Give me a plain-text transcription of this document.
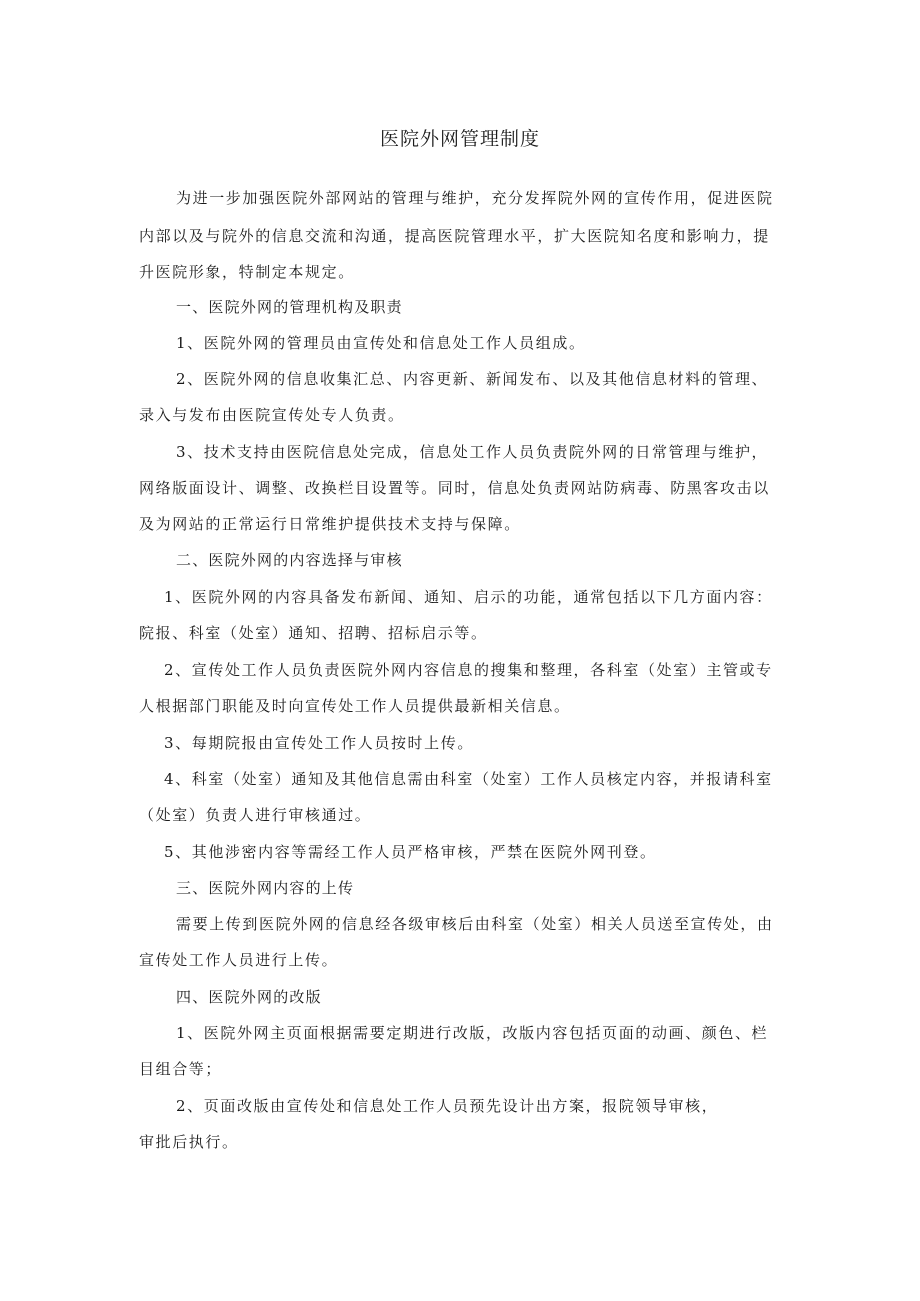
医院外网管理制度

为进一步加强医院外部网站的管理与维护，充分发挥院外网的宣传作用，促进医院

内部以及与院外的信息交流和沟通，提高医院管理水平，扩大医院知名度和影响力，提

升医院形象，特制定本规定。

一、医院外网的管理机构及职责

1、医院外网的管理员由宣传处和信息处工作人员组成。

2、医院外网的信息收集汇总、内容更新、新闻发布、以及其他信息材料的管理、

录入与发布由医院宣传处专人负责。

3、技术支持由医院信息处完成，信息处工作人员负责院外网的日常管理与维护，

网络版面设计、调整、改换栏目设置等。同时，信息处负责网站防病毒、防黑客攻击以

及为网站的正常运行日常维护提供技术支持与保障。

二、医院外网的内容选择与审核

1、医院外网的内容具备发布新闻、通知、启示的功能，通常包括以下几方面内容：

院报、科室（处室）通知、招聘、招标启示等。

2、宣传处工作人员负责医院外网内容信息的搜集和整理，各科室（处室）主管或专

人根据部门职能及时向宣传处工作人员提供最新相关信息。

3、每期院报由宣传处工作人员按时上传。

4、科室（处室）通知及其他信息需由科室（处室）工作人员核定内容，并报请科室

（处室）负责人进行审核通过。

5、其他涉密内容等需经工作人员严格审核，严禁在医院外网刊登。

三、医院外网内容的上传

需要上传到医院外网的信息经各级审核后由科室（处室）相关人员送至宣传处，由

宣传处工作人员进行上传。

四、医院外网的改版

1、医院外网主页面根据需要定期进行改版，改版内容包括页面的动画、颜色、栏

目组合等；

2、页面改版由宣传处和信息处工作人员预先设计出方案，报院领导审核，

审批后执行。
